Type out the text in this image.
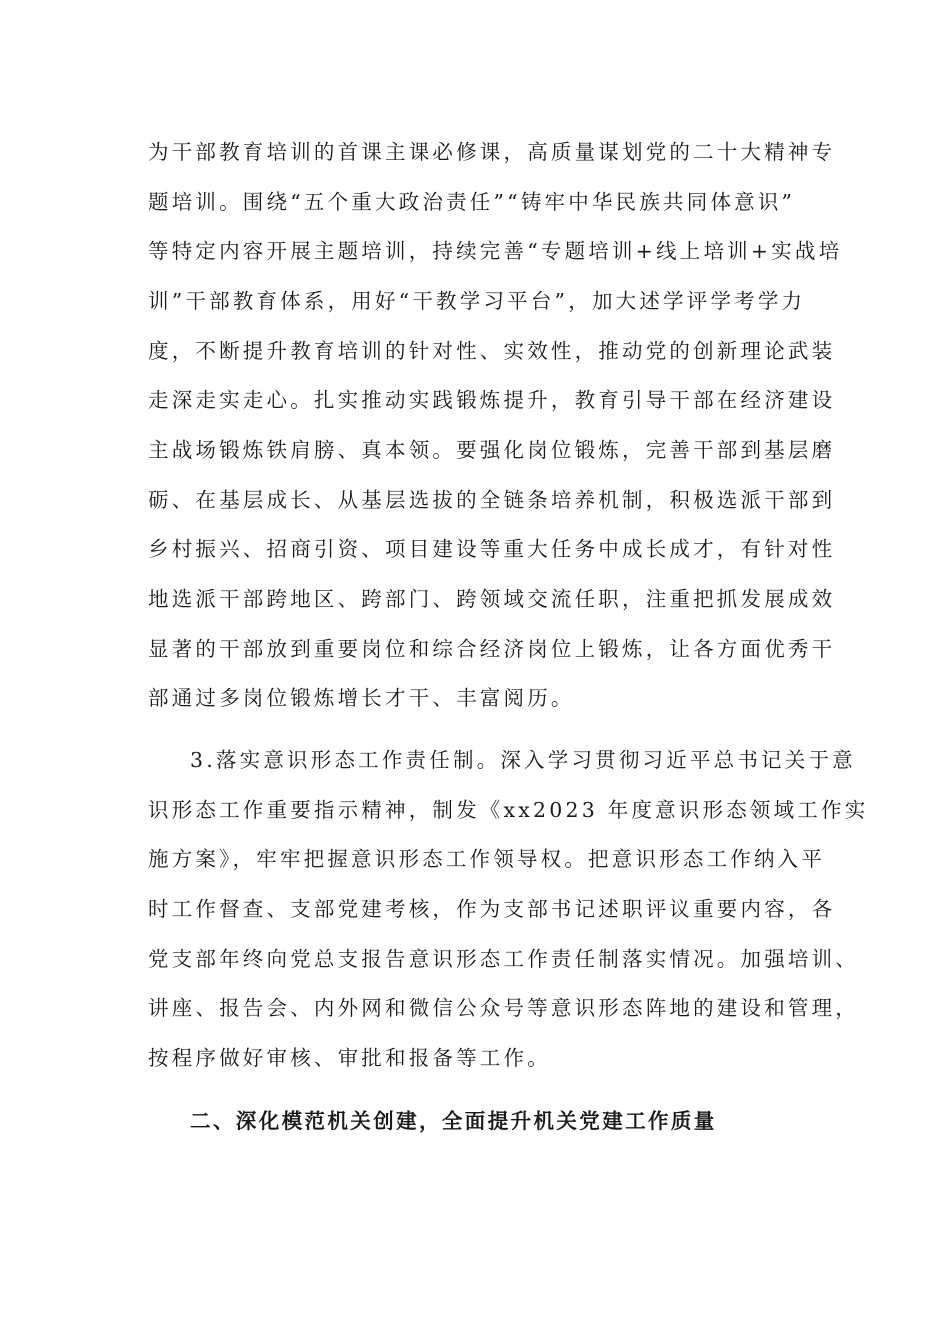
为干部教育培训的首课主课必修课，高质量谋划党的二十大精神专
题培训。围绕“五个重大政治责任”“铸牢中华民族共同体意识”
等特定内容开展主题培训，持续完善“专题培训+线上培训+实战培
训”干部教育体系，用好“干教学习平台”，加大述学评学考学力
度，不断提升教育培训的针对性、实效性，推动党的创新理论武装
走深走实走心。扎实推动实践锻炼提升，教育引导干部在经济建设
主战场锻炼铁肩膀、真本领。要强化岗位锻炼，完善干部到基层磨
砺、在基层成长、从基层选拔的全链条培养机制，积极选派干部到
乡村振兴、招商引资、项目建设等重大任务中成长成才，有针对性
地选派干部跨地区、跨部门、跨领域交流任职，注重把抓发展成效
显著的干部放到重要岗位和综合经济岗位上锻炼，让各方面优秀干
部通过多岗位锻炼增长才干、丰富阅历。
3.落实意识形态工作责任制。深入学习贯彻习近平总书记关于意
识形态工作重要指示精神，制发《xx2023 年度意识形态领域工作实
施方案》，牢牢把握意识形态工作领导权。把意识形态工作纳入平
时工作督查、支部党建考核，作为支部书记述职评议重要内容，各
党支部年终向党总支报告意识形态工作责任制落实情况。加强培训、
讲座、报告会、内外网和微信公众号等意识形态阵地的建设和管理，
按程序做好审核、审批和报备等工作。
二、深化模范机关创建，全面提升机关党建工作质量
